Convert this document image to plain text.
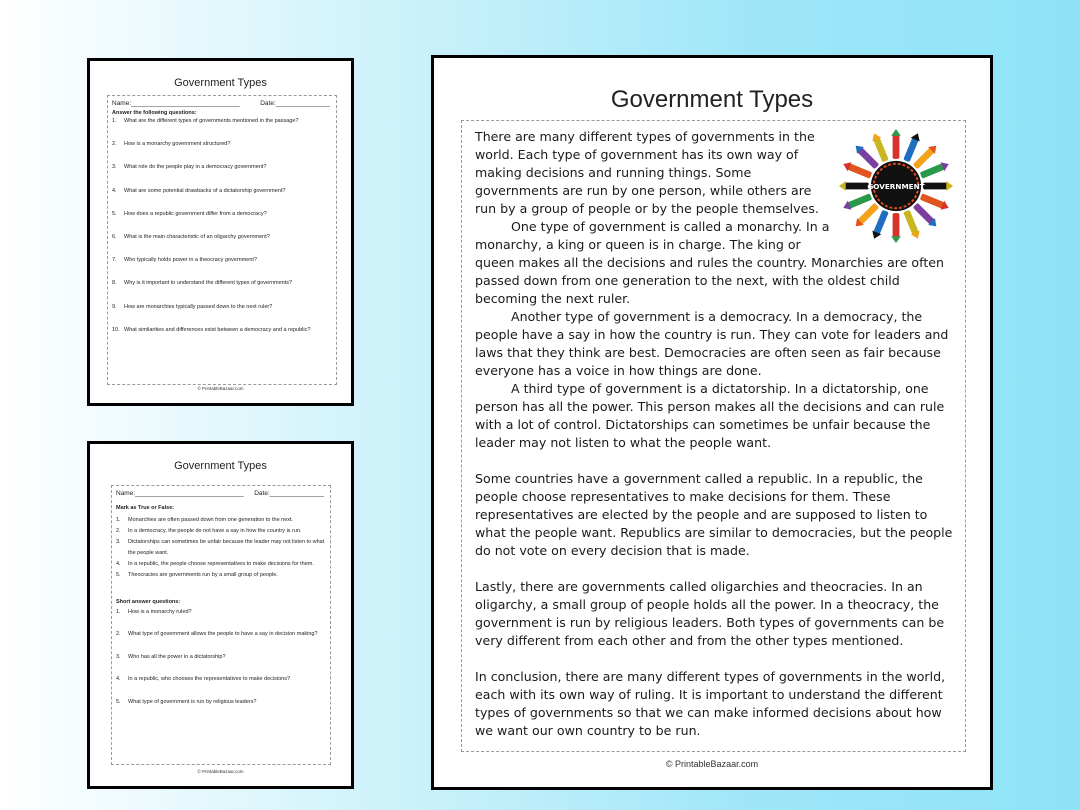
Government Types
Name:______________________________	Date:_______________
Answer the following questions:
1.	What are the different types of governments mentioned in the passage?
2.	How is a monarchy government structured?
3.	What role do the people play in a democracy government?
4.	What are some potential drawbacks of a dictatorship government?
5.	How does a republic government differ from a democracy?
6.	What is the main characteristic of an oligarchy government?
7.	Who typically holds power in a theocracy government?
8.	Why is it important to understand the different types of governments?
9.	How are monarchies typically passed down to the next ruler?
10. What similarities and differences exist between a democracy and a republic?
© PrintableBazaar.com
Government Types
Name:______________________________ Date:_______________
Mark as True or False:
1.	Monarchies are often passed down from one generation to the next.
2.	In a democracy, the people do not have a say in how the country is run.
3.	Dictatorships can sometimes be unfair because the leader may not listen to what the people want.
4.	In a republic, the people choose representatives to make decisions for them.
5.	Theocracies are governments run by a small group of people.
Short answer questions:
1.	How is a monarchy ruled?
2.	What type of government allows the people to have a say in decision making?
3.	Who has all the power in a dictatorship?
4.	In a republic, who chooses the representatives to make decisions?
5.	What type of government is run by religious leaders?
© PrintableBazaar.com
Government Types
GOVERNMENT

There are many different types of governments in the world. Each type of government has its own way of making decisions and running things. Some governments are run by one person, while others are run by a group of people or by the people themselves.

One type of government is called a monarchy. In a monarchy, a king or queen is in charge. The king or queen makes all the decisions and rules the country. Monarchies are often passed down from one generation to the next, with the oldest child becoming the next ruler.

Another type of government is a democracy. In a democracy, the people have a say in how the country is run. They can vote for leaders and laws that they think are best. Democracies are often seen as fair because everyone has a voice in how things are done.

A third type of government is a dictatorship. In a dictatorship, one person has all the power. This person makes all the decisions and can rule with a lot of control. Dictatorships can sometimes be unfair because the leader may not listen to what the people want.

Some countries have a government called a republic. In a republic, the people choose representatives to make decisions for them. These representatives are elected by the people and are supposed to listen to what the people want. Republics are similar to democracies, but the people do not vote on every decision that is made.

Lastly, there are governments called oligarchies and theocracies. In an oligarchy, a small group of people holds all the power. In a theocracy, the government is run by religious leaders. Both types of governments can be very different from each other and from the other types mentioned.

In conclusion, there are many different types of governments in the world, each with its own way of ruling. It is important to understand the different types of governments so that we can make informed decisions about how we want our own country to be run.

© PrintableBazaar.com
